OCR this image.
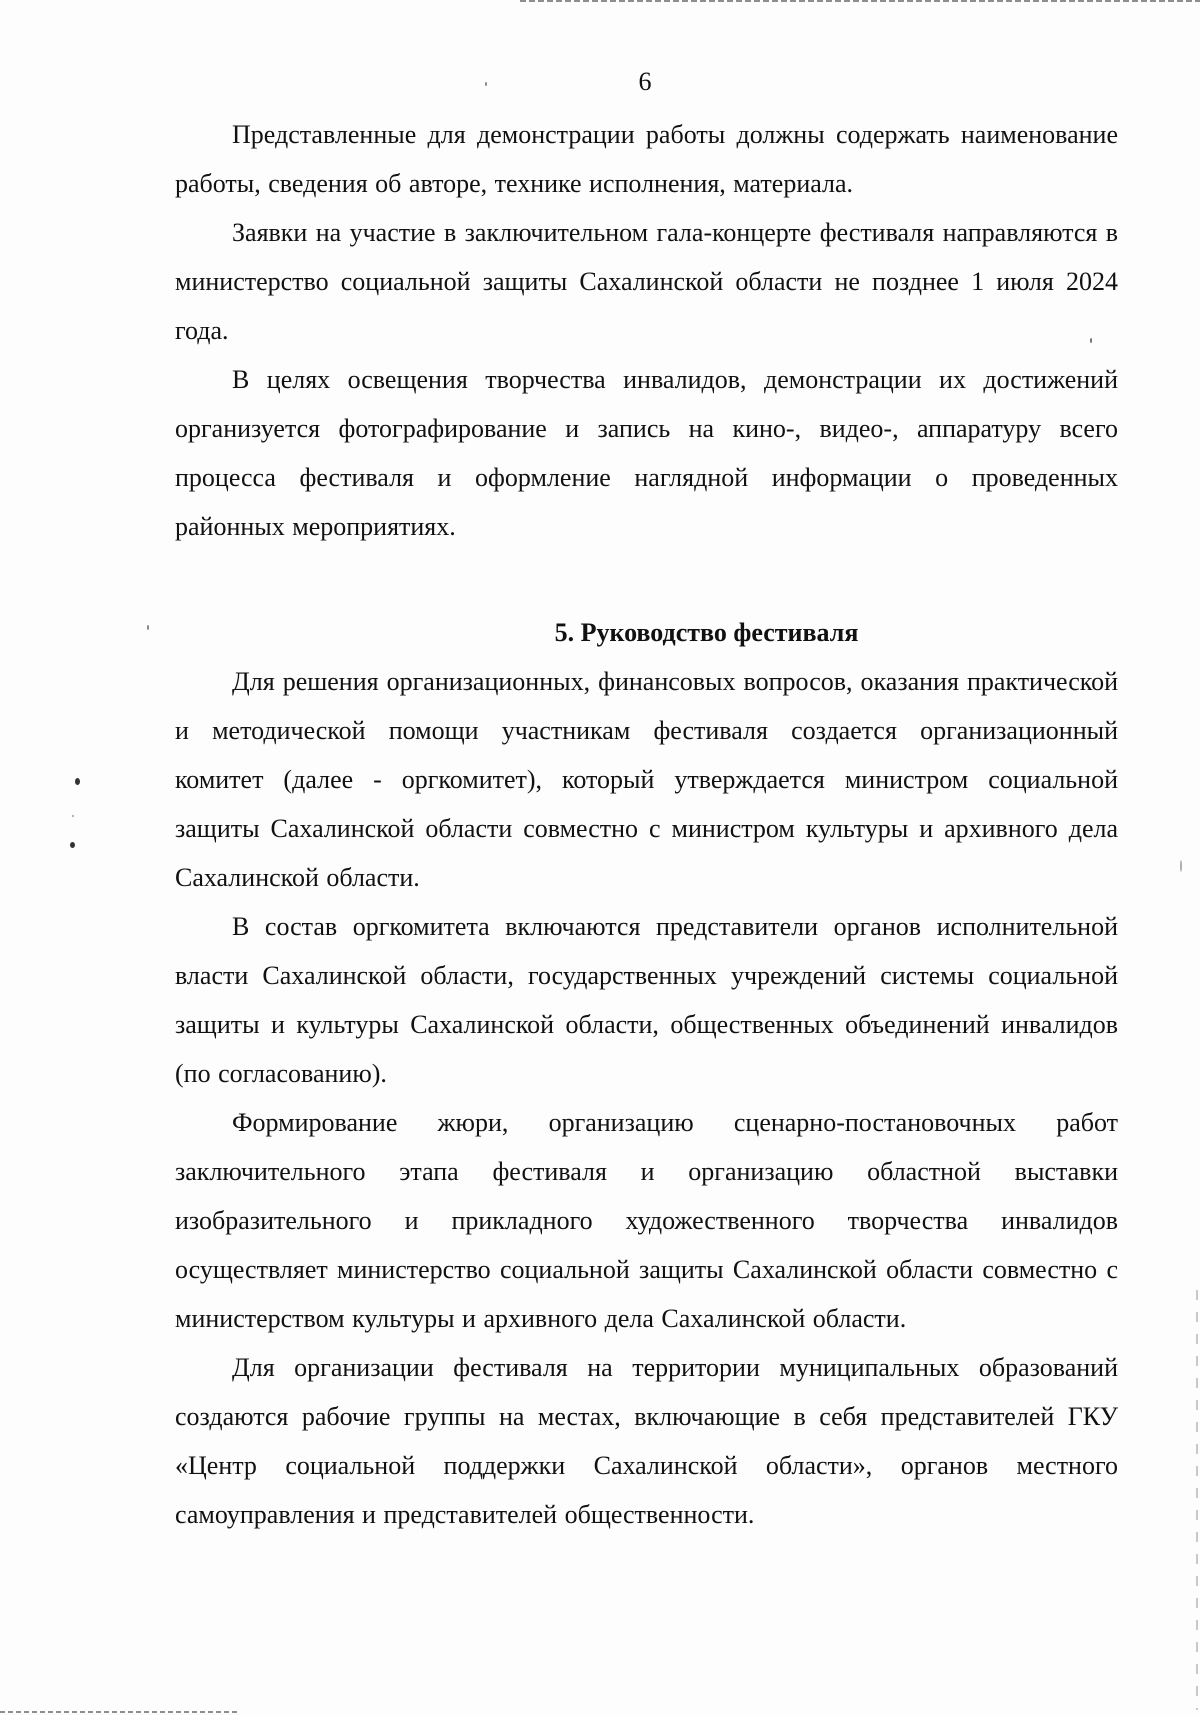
6

Представленные для демонстрации работы должны содержать наименование работы, сведения об авторе, технике исполнения, материала.

Заявки на участие в заключительном гала-концерте фестиваля направляются в министерство социальной защиты Сахалинской области не позднее 1 июля 2024 года.

В целях освещения творчества инвалидов, демонстрации их достижений организуется фотографирование и запись на кино-, видео-, аппаратуру всего процесса фестиваля и оформление наглядной информации о проведенных районных мероприятиях.

5. Руководство фестиваля

Для решения организационных, финансовых вопросов, оказания практической и методической помощи участникам фестиваля создается организационный комитет (далее - оргкомитет), который утверждается министром социальной защиты Сахалинской области совместно с министром культуры и архивного дела Сахалинской области.

В состав оргкомитета включаются представители органов исполнительной власти Сахалинской области, государственных учреждений системы социальной защиты и культуры Сахалинской области, общественных объединений инвалидов (по согласованию).

Формирование жюри, организацию сценарно-постановочных работ заключительного этапа фестиваля и организацию областной выставки изобразительного и прикладного художественного творчества инвалидов осуществляет министерство социальной защиты Сахалинской области совместно с министерством культуры и архивного дела Сахалинской области.

Для организации фестиваля на территории муниципальных образований создаются рабочие группы на местах, включающие в себя представителей ГКУ «Центр социальной поддержки Сахалинской области», органов местного самоуправления и представителей общественности.
